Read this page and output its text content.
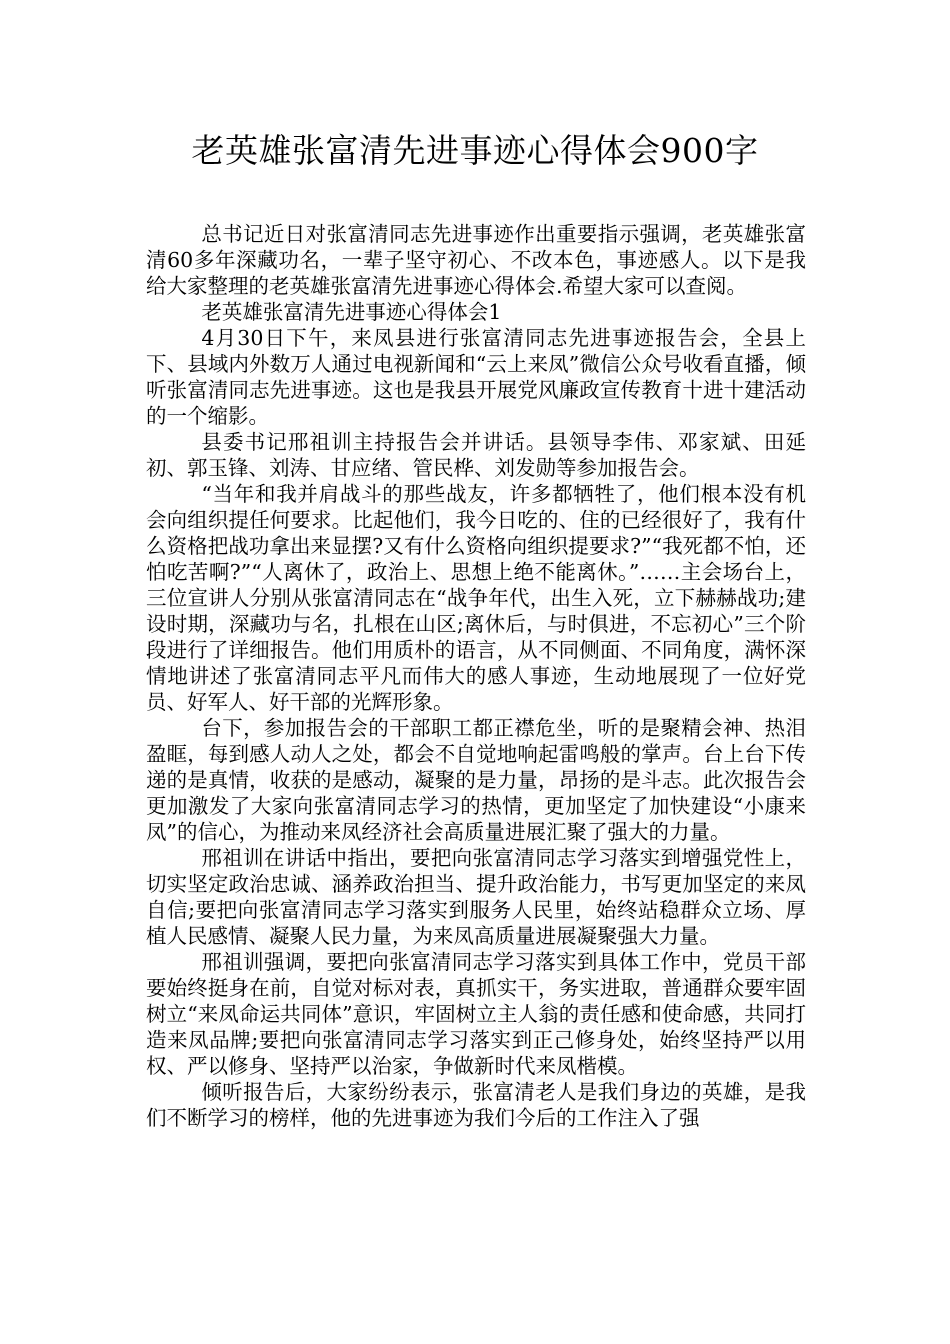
老英雄张富清先进事迹心得体会900字

总书记近日对张富清同志先进事迹作出重要指示强调，老英雄张富清60多年深藏功名，一辈子坚守初心、不改本色，事迹感人。以下是我给大家整理的老英雄张富清先进事迹心得体会.希望大家可以查阅。

老英雄张富清先进事迹心得体会1

4月30日下午，来凤县进行张富清同志先进事迹报告会，全县上下、县域内外数万人通过电视新闻和“云上来凤”微信公众号收看直播，倾听张富清同志先进事迹。这也是我县开展党风廉政宣传教育十进十建活动的一个缩影。

县委书记邢祖训主持报告会并讲话。县领导李伟、邓家斌、田延初、郭玉锋、刘涛、甘应绪、管民桦、刘发勋等参加报告会。

“当年和我并肩战斗的那些战友，许多都牺牲了，他们根本没有机会向组织提任何要求。比起他们，我今日吃的、住的已经很好了，我有什么资格把战功拿出来显摆?又有什么资格向组织提要求?”“我死都不怕，还怕吃苦啊?”“人离休了，政治上、思想上绝不能离休。”……主会场台上，三位宣讲人分别从张富清同志在“战争年代，出生入死，立下赫赫战功;建设时期，深藏功与名，扎根在山区;离休后，与时俱进，不忘初心”三个阶段进行了详细报告。他们用质朴的语言，从不同侧面、不同角度，满怀深情地讲述了张富清同志平凡而伟大的感人事迹，生动地展现了一位好党员、好军人、好干部的光辉形象。

台下，参加报告会的干部职工都正襟危坐，听的是聚精会神、热泪盈眶，每到感人动人之处，都会不自觉地响起雷鸣般的掌声。台上台下传递的是真情，收获的是感动，凝聚的是力量，昂扬的是斗志。此次报告会更加激发了大家向张富清同志学习的热情，更加坚定了加快建设“小康来凤”的信心，为推动来凤经济社会高质量进展汇聚了强大的力量。

邢祖训在讲话中指出，要把向张富清同志学习落实到增强党性上，切实坚定政治忠诚、涵养政治担当、提升政治能力，书写更加坚定的来凤自信;要把向张富清同志学习落实到服务人民里，始终站稳群众立场、厚植人民感情、凝聚人民力量，为来凤高质量进展凝聚强大力量。

邢祖训强调，要把向张富清同志学习落实到具体工作中，党员干部要始终挺身在前，自觉对标对表，真抓实干，务实进取，普通群众要牢固树立“来凤命运共同体”意识，牢固树立主人翁的责任感和使命感，共同打造来凤品牌;要把向张富清同志学习落实到正己修身处，始终坚持严以用权、严以修身、坚持严以治家，争做新时代来凤楷模。

倾听报告后，大家纷纷表示，张富清老人是我们身边的英雄，是我们不断学习的榜样，他的先进事迹为我们今后的工作注入了强
